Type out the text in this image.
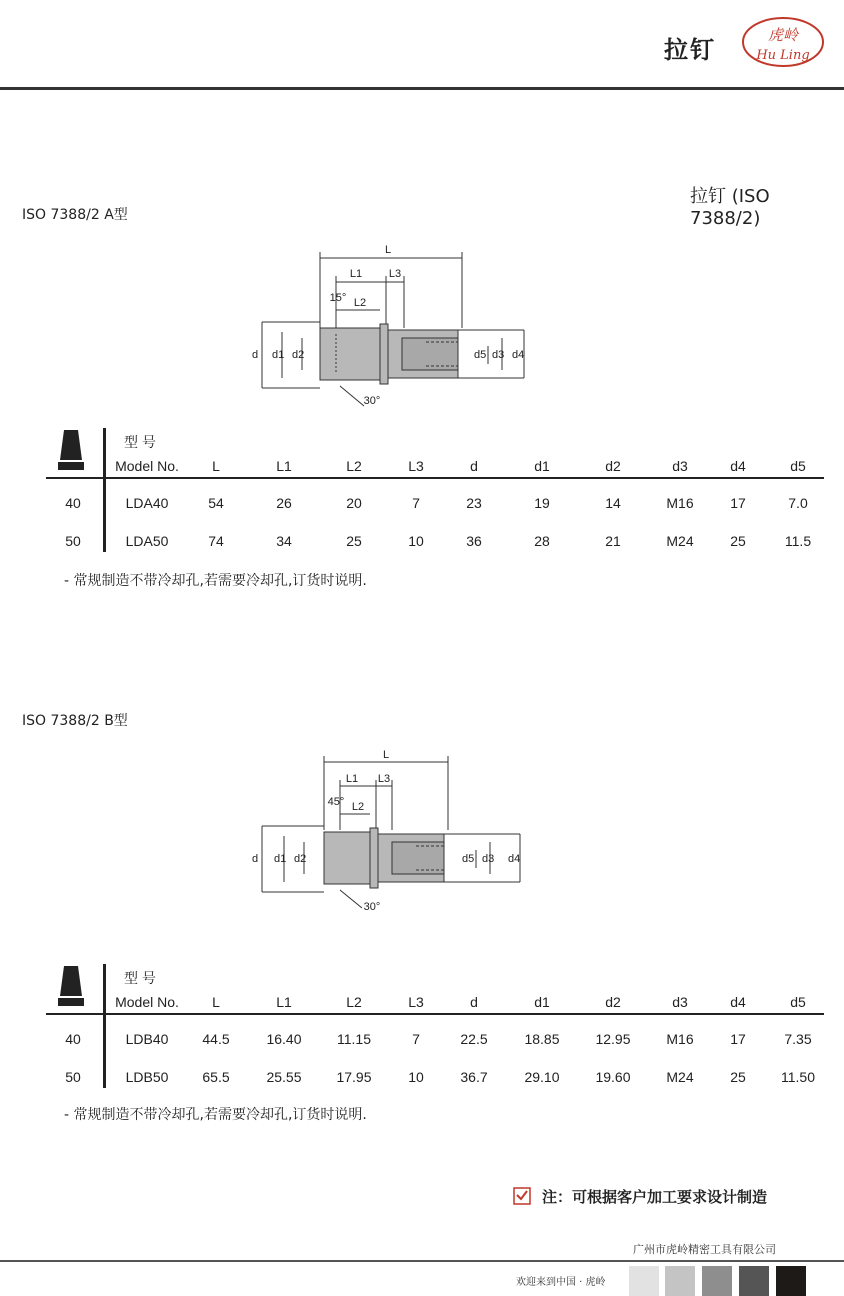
拉钉
虎岭
Hu Ling
拉钉 (ISO 7388/2)
ISO 7388/2 A型
L
L1 L3
L2
15°
30°
d d1 d2	d5 d3 d4
型 号
Model No.	L	L1	L2	L3	d	d1	d2	d3	d4	d5
40	LDA40	54	26	20	7	23	19	14	M16	17	7.0
50	LDA50	74	34	25	10	36	28	21	M24	25	11.5
- 常规制造不带冷却孔,若需要冷却孔,订货时说明.
ISO 7388/2 B型
L
L1 L3
L2
45°
30°
d d1 d2	d5 d3 d4
型 号
Model No.	L	L1	L2	L3	d	d1	d2	d3	d4	d5
40	LDB40	44.5	16.40	11.15	7	22.5	18.85	12.95	M16	17	7.35
50	LDB50	65.5	25.55	17.95	10	36.7	29.10	19.60	M24	25	11.50
- 常规制造不带冷却孔,若需要冷却孔,订货时说明.
注：可根据客户加工要求设计制造
广州市虎岭精密工具有限公司
欢迎来到中国 · 虎岭
